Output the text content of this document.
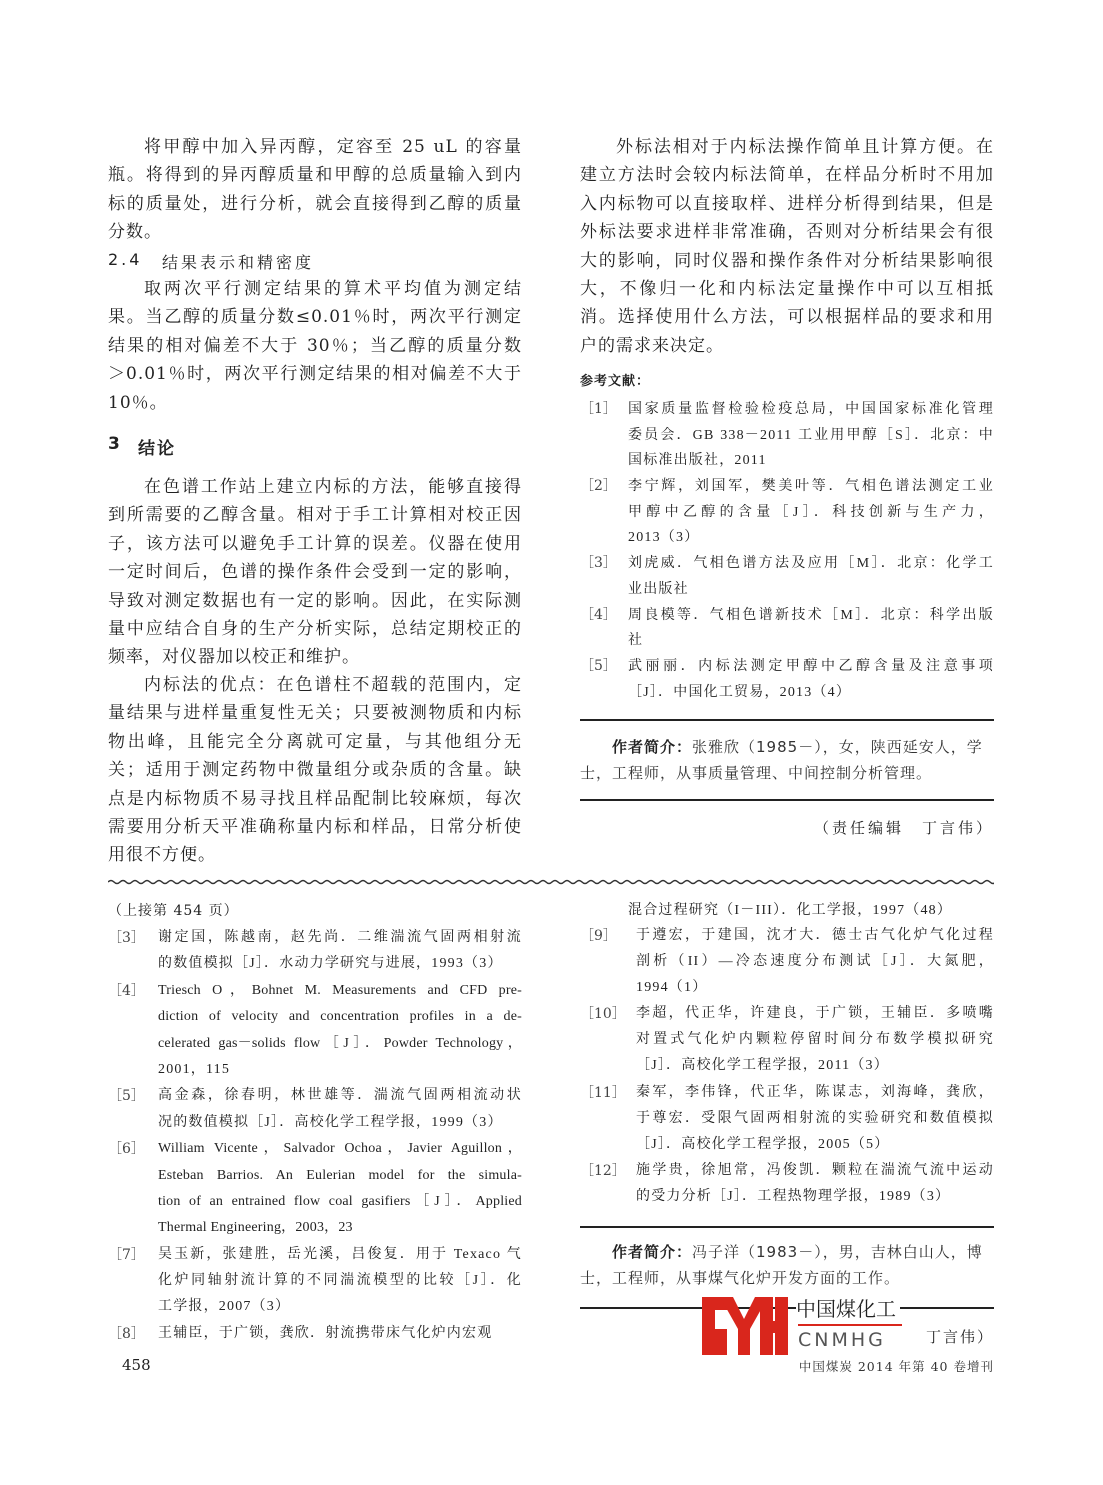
将甲醇中加入异丙醇，定容至 25 uL 的容量
瓶。将得到的异丙醇质量和甲醇的总质量输入到内
标的质量处，进行分析，就会直接得到乙醇的质量
分数。
2.4 结果表示和精密度
取两次平行测定结果的算术平均值为测定结
果。当乙醇的质量分数≤0.01％时，两次平行测定
结果的相对偏差不大于 30％；当乙醇的质量分数
＞0.01％时，两次平行测定结果的相对偏差不大于
10％。
3 结论
在色谱工作站上建立内标的方法，能够直接得
到所需要的乙醇含量。相对于手工计算相对校正因
子，该方法可以避免手工计算的误差。仪器在使用
一定时间后，色谱的操作条件会受到一定的影响，
导致对测定数据也有一定的影响。因此，在实际测
量中应结合自身的生产分析实际，总结定期校正的
频率，对仪器加以校正和维护。
内标法的优点：在色谱柱不超载的范围内，定
量结果与进样量重复性无关；只要被测物质和内标
物出峰，且能完全分离就可定量，与其他组分无
关；适用于测定药物中微量组分或杂质的含量。缺
点是内标物质不易寻找且样品配制比较麻烦，每次
需要用分析天平准确称量内标和样品，日常分析使
用很不方便。
外标法相对于内标法操作简单且计算方便。在
建立方法时会较内标法简单，在样品分析时不用加
入内标物可以直接取样、进样分析得到结果，但是
外标法要求进样非常准确，否则对分析结果会有很
大的影响，同时仪器和操作条件对分析结果影响很
大，不像归一化和内标法定量操作中可以互相抵
消。选择使用什么方法，可以根据样品的要求和用
户的需求来决定。
参考文献：
［1］ 国家质量监督检验检疫总局，中国国家标准化管理
委员会．GB 338－2011 工业用甲醇［S］．北京：中
国标准出版社，2011
［2］ 李宁辉，刘国军，樊美叶等．气相色谱法测定工业
甲醇中乙醇的含量［J］．科技创新与生产力，
2013（3）
［3］ 刘虎威．气相色谱方法及应用［M］．北京：化学工
业出版社
［4］ 周良模等．气相色谱新技术［M］．北京：科学出版
社
［5］ 武丽丽．内标法测定甲醇中乙醇含量及注意事项
［J］．中国化工贸易，2013（4）
作者简介：张雅欣（1985－），女，陕西延安人，学士，工程师，从事质量管理、中间控制分析管理。
（责任编辑　丁言伟）
（上接第 454 页）
［3］ 谢定国，陈越南，赵先尚．二维湍流气固两相射流
的数值模拟［J］．水动力学研究与进展，1993（3）
［4］ Triesch O，Bohnet M. Measurements and CFD pre-
diction of velocity and concentration profiles in a de-
celerated gas－solids flow［J］．Powder Technology，
2001，115
［5］ 高金森，徐春明，林世雄等．湍流气固两相流动状
况的数值模拟［J］．高校化学工程学报，1999（3）
［6］ William Vicente，Salvador Ochoa，Javier Aguillon，
Esteban Barrios. An Eulerian model for the simula-
tion of an entrained flow coal gasifiers［J］．Applied
Thermal Engineering，2003，23
［7］ 吴玉新，张建胜，岳光溪，吕俊复．用于 Texaco 气
化炉同轴射流计算的不同湍流模型的比较［J］．化
工学报，2007（3）
［8］ 王辅臣，于广锁，龚欣．射流携带床气化炉内宏观
458
混合过程研究（I－III）．化工学报，1997（48）
［9］	于遵宏，于建国，沈才大．德士古气化炉气化过程
剖析（II）—冷态速度分布测试［J］．大氮肥，
1994（1）
［10］ 李超，代正华，许建良，于广锁，王辅臣．多喷嘴
对置式气化炉内颗粒停留时间分布数学模拟研究
［J］．高校化学工程学报，2011（3）
［11］ 秦军，李伟锋，代正华，陈谋志，刘海峰，龚欣，
于尊宏．受限气固两相射流的实验研究和数值模拟
［J］．高校化学工程学报，2005（5）
［12］ 施学贵，徐旭常，冯俊凯．颗粒在湍流气流中运动
的受力分析［J］．工程热物理学报，1989（3）
作者简介：冯子洋（1983－），男，吉林白山人，博士，工程师，从事煤气化炉开发方面的工作。
中国煤化工
CNMHG	丁言伟）
中国煤炭 2014 年第 40 卷增刊
